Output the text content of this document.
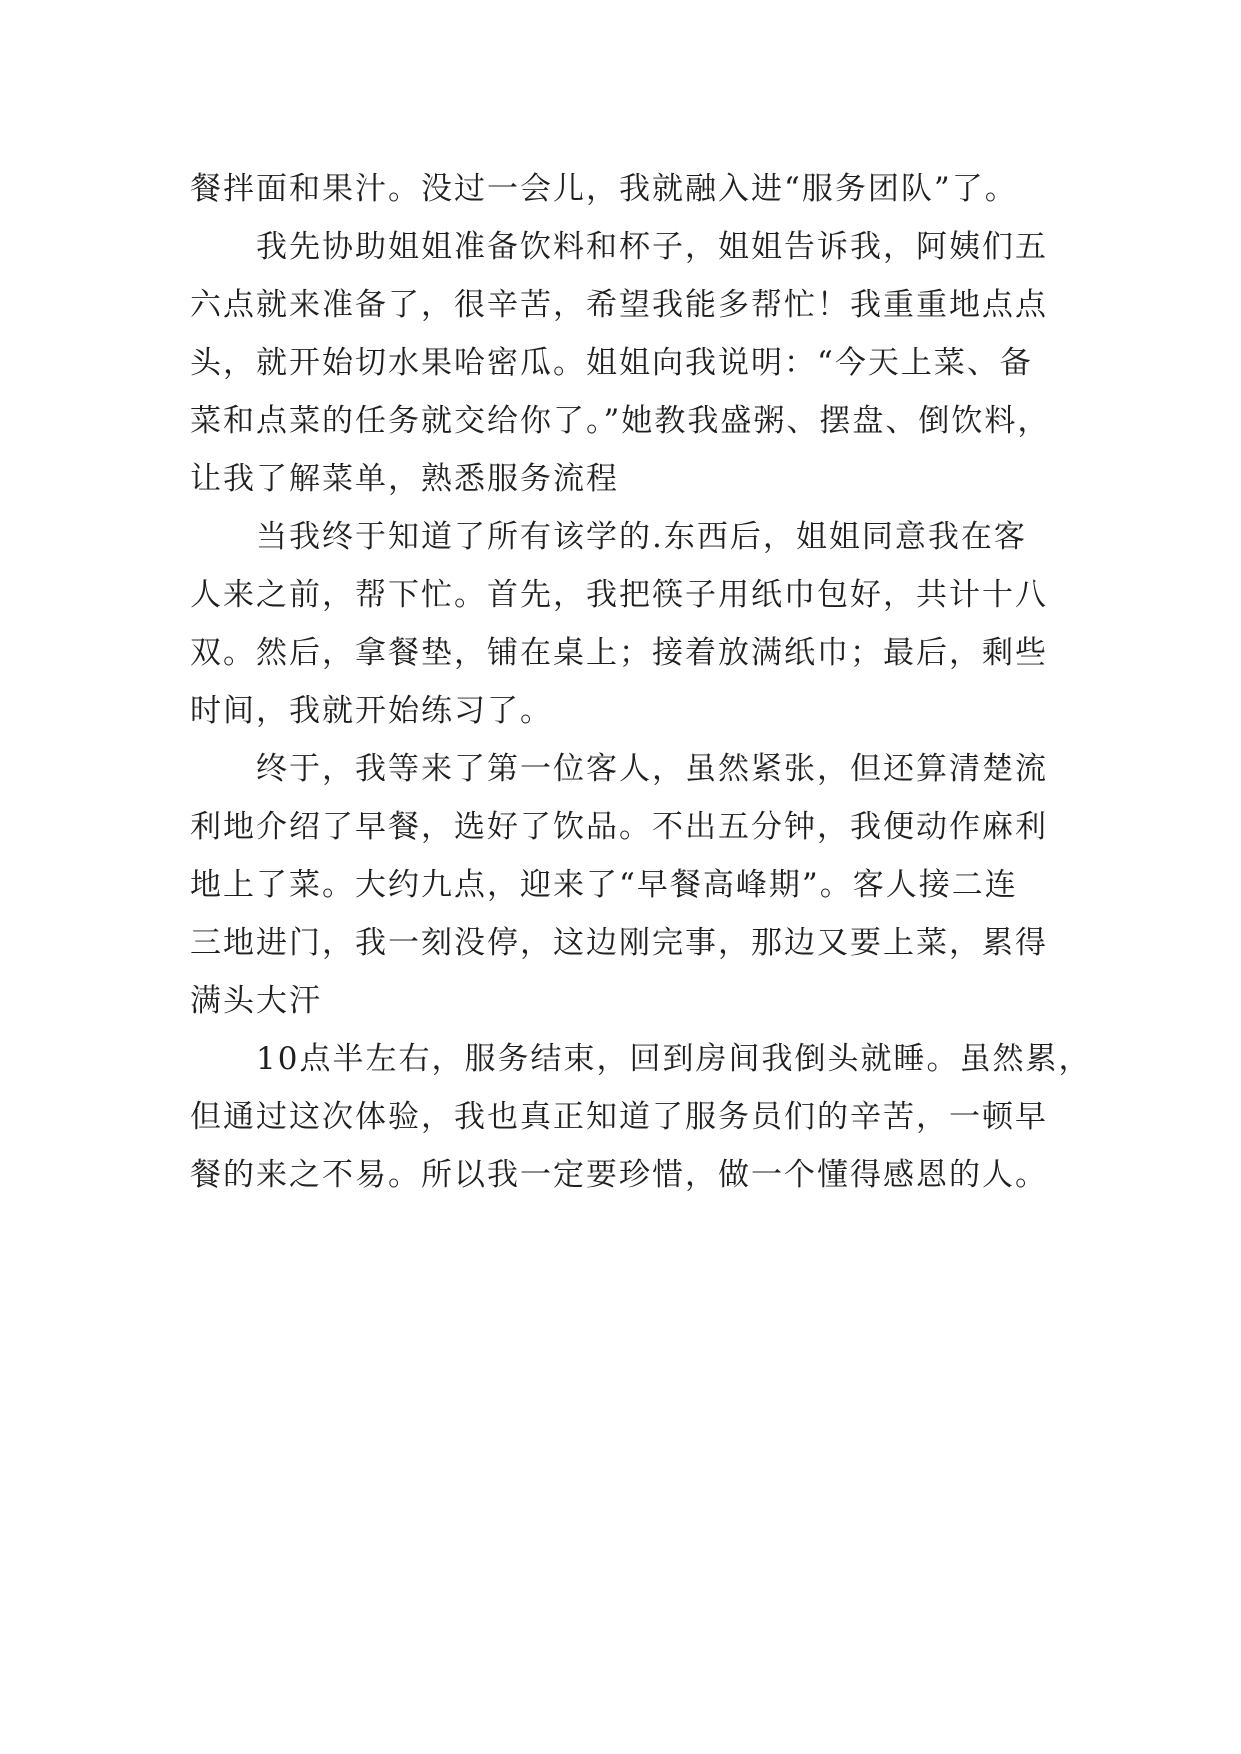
餐拌面和果汁。没过一会儿，我就融入进“服务团队”了。
　　我先协助姐姐准备饮料和杯子，姐姐告诉我，阿姨们五
六点就来准备了，很辛苦，希望我能多帮忙！我重重地点点
头，就开始切水果哈密瓜。姐姐向我说明：“今天上菜、备
菜和点菜的任务就交给你了。”她教我盛粥、摆盘、倒饮料，
让我了解菜单，熟悉服务流程
　　当我终于知道了所有该学的.东西后，姐姐同意我在客
人来之前，帮下忙。首先，我把筷子用纸巾包好，共计十八
双。然后，拿餐垫，铺在桌上；接着放满纸巾；最后，剩些
时间，我就开始练习了。
　　终于，我等来了第一位客人，虽然紧张，但还算清楚流
利地介绍了早餐，选好了饮品。不出五分钟，我便动作麻利
地上了菜。大约九点，迎来了“早餐高峰期”。客人接二连
三地进门，我一刻没停，这边刚完事，那边又要上菜，累得
满头大汗
　　10点半左右，服务结束，回到房间我倒头就睡。虽然累，
但通过这次体验，我也真正知道了服务员们的辛苦，一顿早
餐的来之不易。所以我一定要珍惜，做一个懂得感恩的人。
